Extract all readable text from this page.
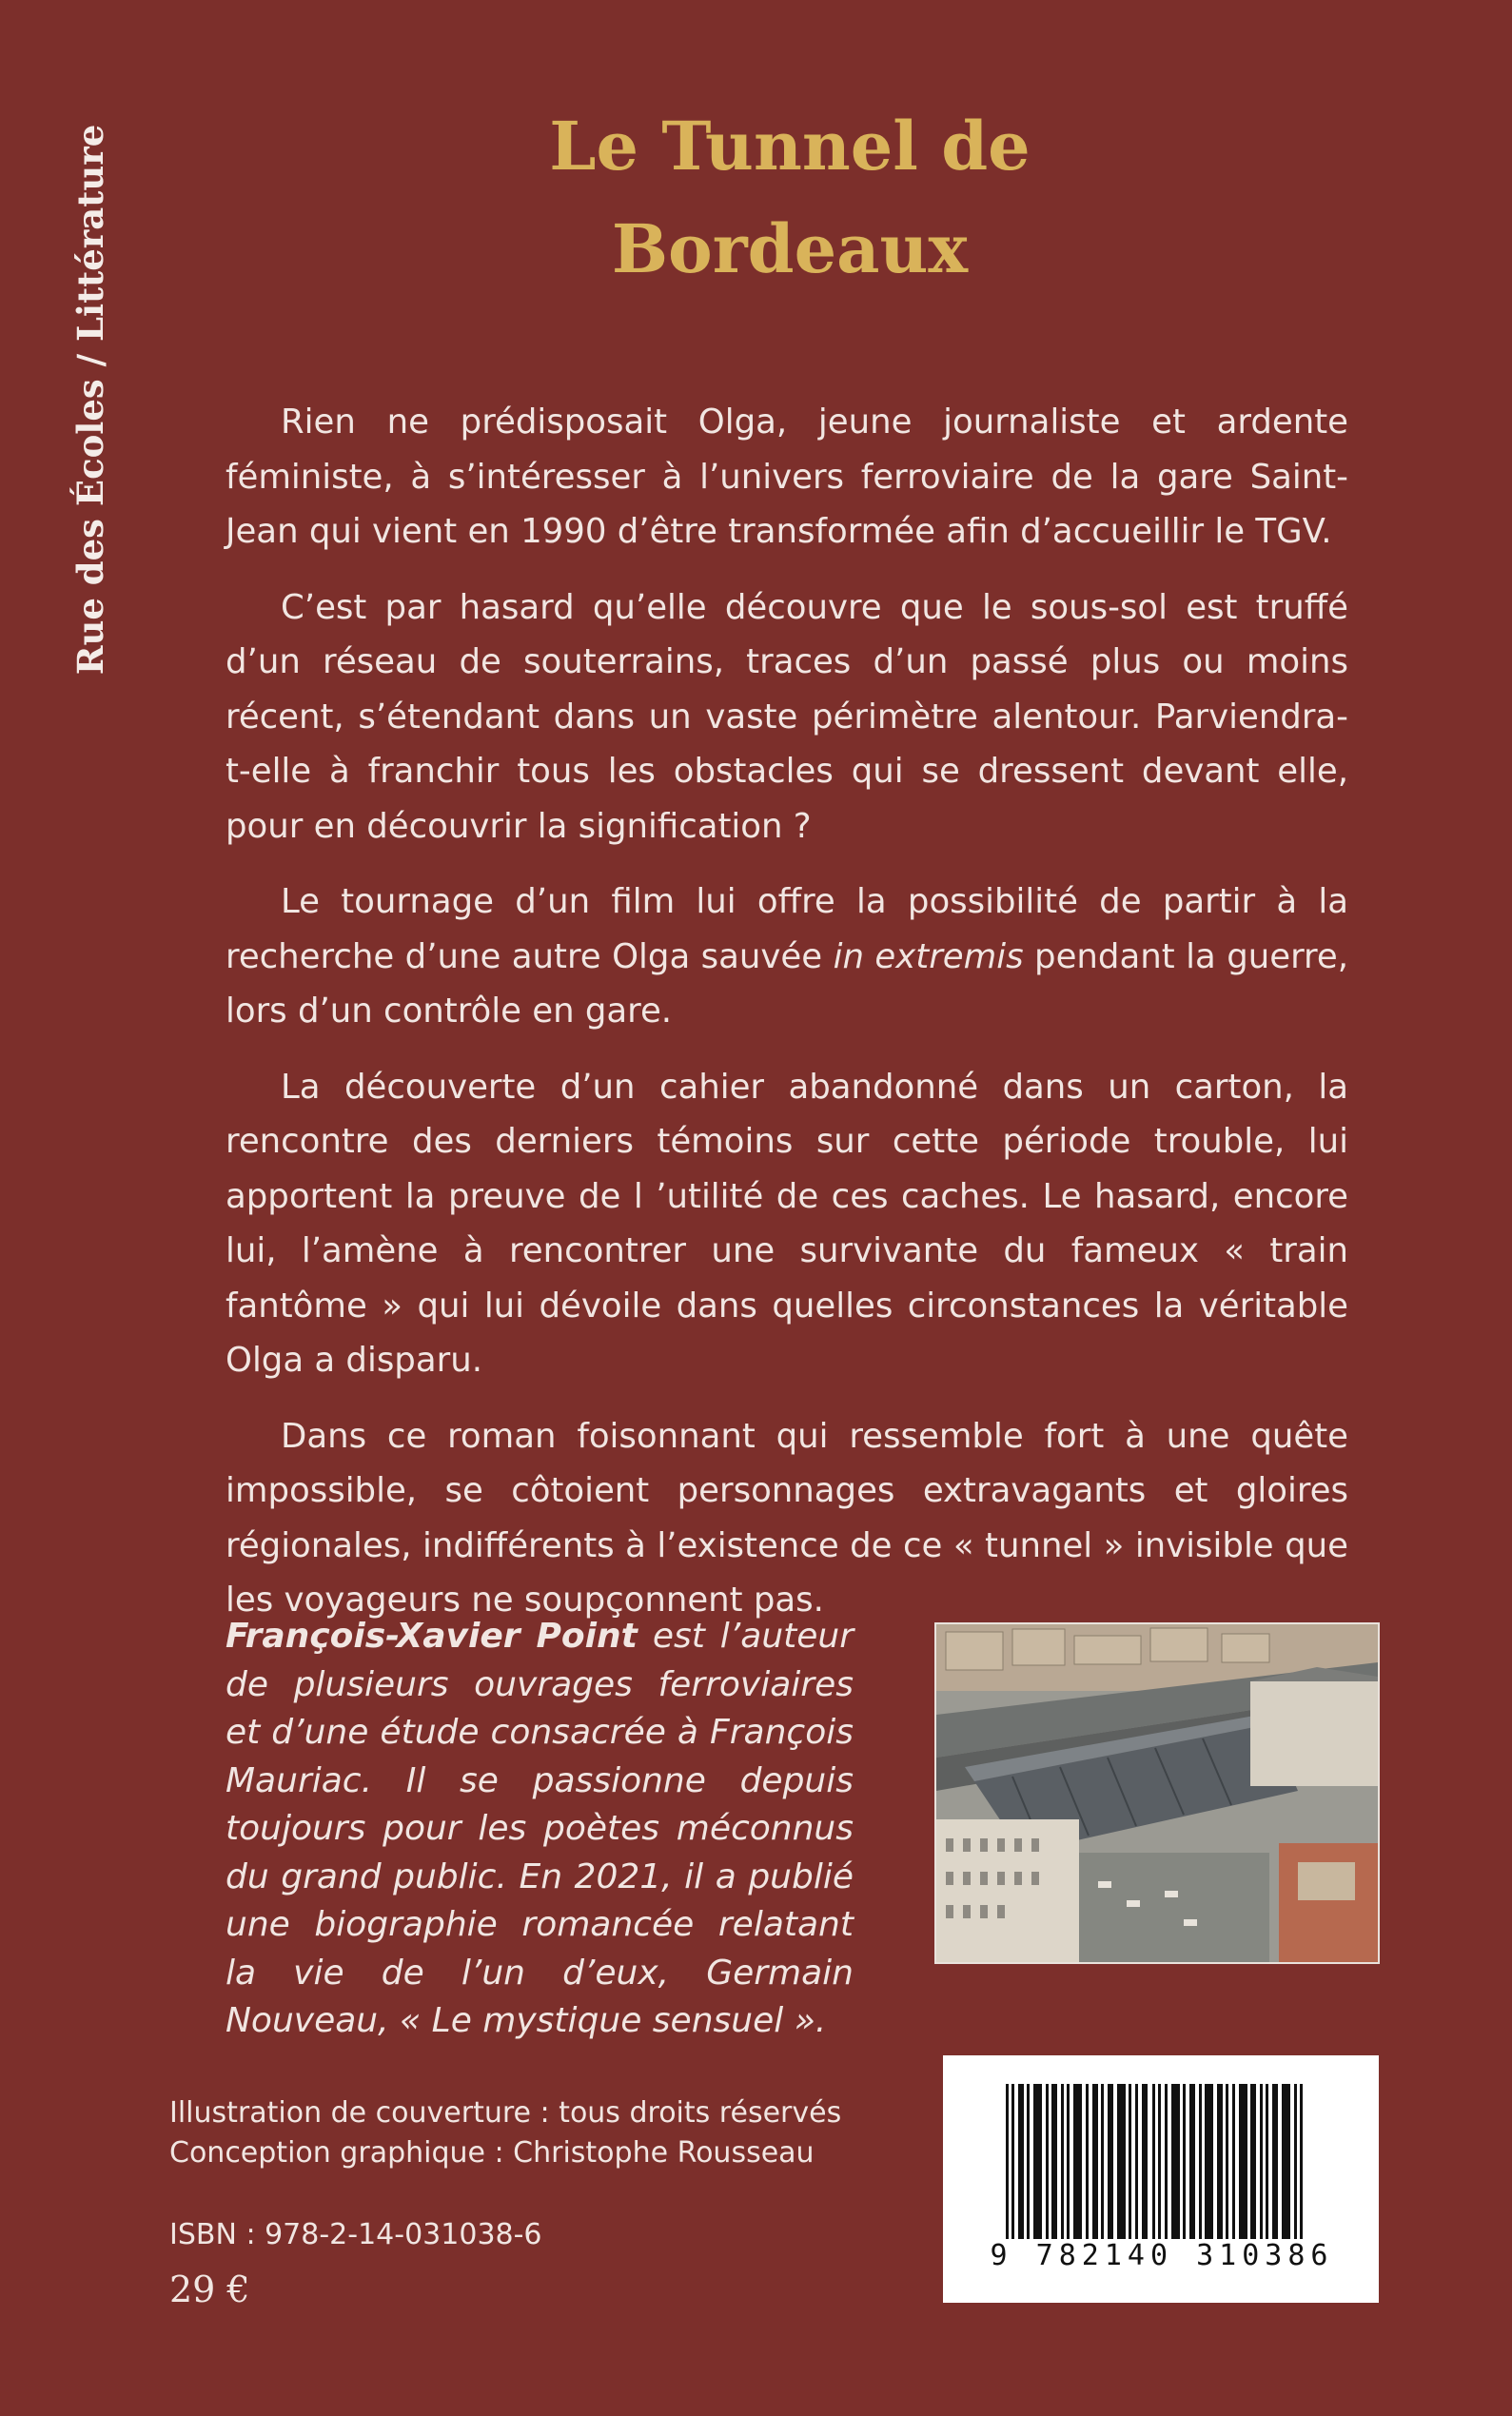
Rue des Écoles / Littérature	Le Tunnel de
Bordeaux

Rien ne prédisposait Olga, jeune journaliste et ardente féministe, à s’intéresser à l’univers ferroviaire de la gare Saint-Jean qui vient en 1990 d’être transformée afin d’accueillir le TGV.

C’est par hasard qu’elle découvre que le sous-sol est truffé d’un réseau de souterrains, traces d’un passé plus ou moins récent, s’étendant dans un vaste périmètre alentour. Parviendra-t-elle à franchir tous les obstacles qui se dressent devant elle, pour en découvrir la signification ?

Le tournage d’un film lui offre la possibilité de partir à la recherche d’une autre Olga sauvée in extremis pendant la guerre, lors d’un contrôle en gare.

La découverte d’un cahier abandonné dans un carton, la rencontre des derniers témoins sur cette période trouble, lui apportent la preuve de l ’utilité de ces caches. Le hasard, encore lui, l’amène à rencontrer une survivante du fameux « train fantôme » qui lui dévoile dans quelles circonstances la véritable Olga a disparu.

Dans ce roman foisonnant qui ressemble fort à une quête impossible, se côtoient personnages extravagants et gloires régionales, indifférents à l’existence de ce « tunnel » invisible que les voyageurs ne soupçonnent pas.

François-Xavier Point est l’auteur de plusieurs ouvrages ferroviaires et d’une étude consacrée à François Mauriac. Il se passionne depuis toujours pour les poètes méconnus du grand public. En 2021, il a publié une biographie romancée relatant la vie de l’un d’eux, Germain Nouveau, « Le mystique sensuel ».

Illustration de couverture : tous droits réservés
Conception graphique : Christophe Rousseau
ISBN : 978-2-14-031038-6
29 €
9 782140 310386
